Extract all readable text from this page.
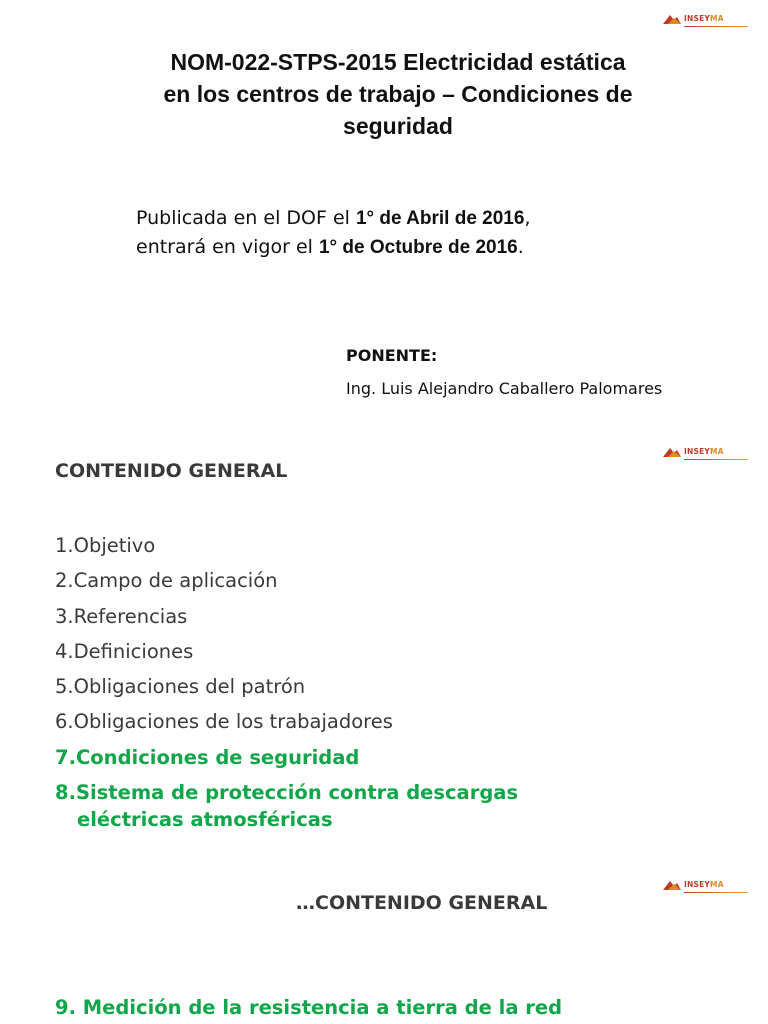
INSEYMA
NOM-022-STPS-2015 Electricidad estática
en los centros de trabajo – Condiciones de
seguridad
Publicada en el DOF el 1° de Abril de 2016,
entrará en vigor el 1° de Octubre de 2016.
PONENTE:
Ing. Luis Alejandro Caballero Palomares
INSEYMA
CONTENIDO GENERAL
1.Objetivo
2.Campo de aplicación
3.Referencias
4.Definiciones
5.Obligaciones del patrón
6.Obligaciones de los trabajadores
7.Condiciones de seguridad
8.Sistema de protección contra descargas
eléctricas atmosféricas
INSEYMA
…CONTENIDO GENERAL
9. Medición de la resistencia a tierra de la red
